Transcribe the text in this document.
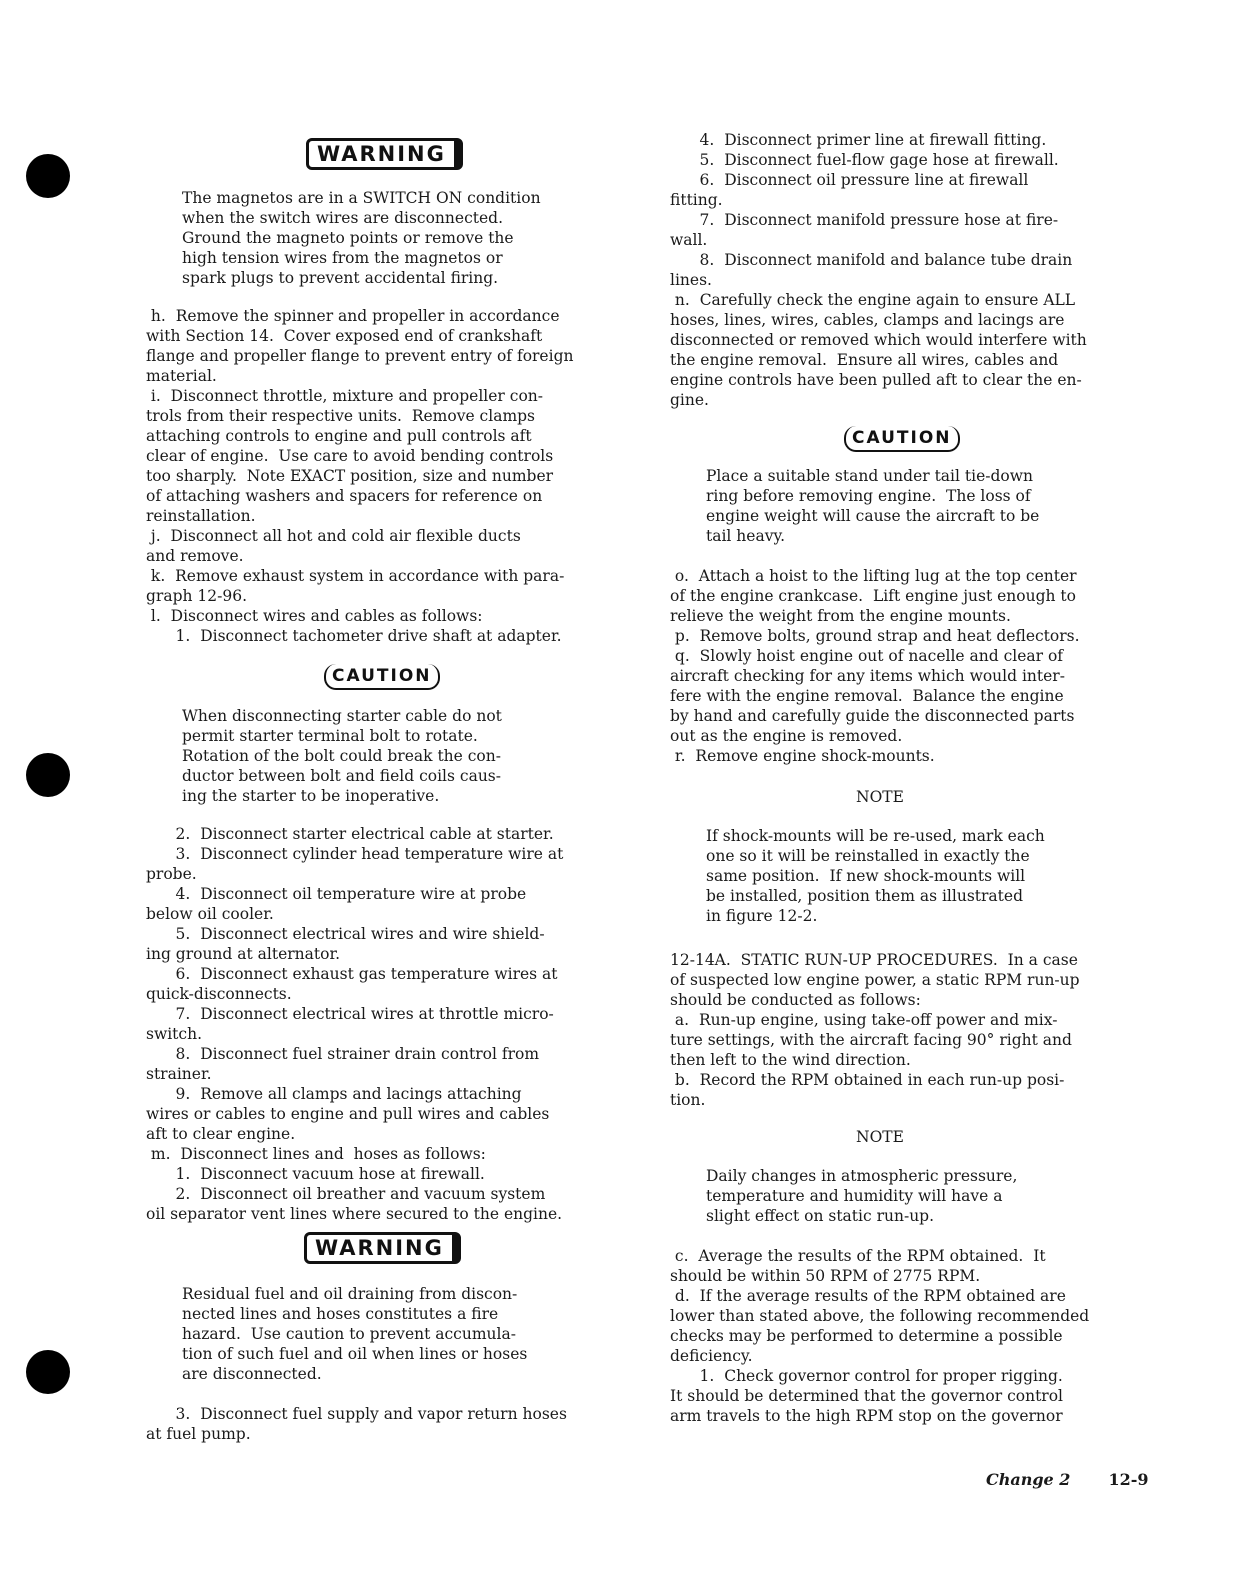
WARNING
The magnetos are in a SWITCH ON condition
when the switch wires are disconnected.
Ground the magneto points or remove the
high tension wires from the magnetos or
spark plugs to prevent accidental firing.
h.  Remove the spinner and propeller in accordance
with Section 14.  Cover exposed end of crankshaft
flange and propeller flange to prevent entry of foreign
material.
i.  Disconnect throttle, mixture and propeller con-
trols from their respective units.  Remove clamps
attaching controls to engine and pull controls aft
clear of engine.  Use care to avoid bending controls
too sharply.  Note EXACT position, size and number
of attaching washers and spacers for reference on
reinstallation.
j.  Disconnect all hot and cold air flexible ducts
and remove.
k.  Remove exhaust system in accordance with para-
graph 12-96.
l.  Disconnect wires and cables as follows:
1.  Disconnect tachometer drive shaft at adapter.
CAUTION
When disconnecting starter cable do not
permit starter terminal bolt to rotate.
Rotation of the bolt could break the con-
ductor between bolt and field coils caus-
ing the starter to be inoperative.
2.  Disconnect starter electrical cable at starter.
3.  Disconnect cylinder head temperature wire at
probe.
4.  Disconnect oil temperature wire at probe
below oil cooler.
5.  Disconnect electrical wires and wire shield-
ing ground at alternator.
6.  Disconnect exhaust gas temperature wires at
quick-disconnects.
7.  Disconnect electrical wires at throttle micro-
switch.
8.  Disconnect fuel strainer drain control from
strainer.
9.  Remove all clamps and lacings attaching
wires or cables to engine and pull wires and cables
aft to clear engine.
m.  Disconnect lines and  hoses as follows:
1.  Disconnect vacuum hose at firewall.
2.  Disconnect oil breather and vacuum system
oil separator vent lines where secured to the engine.
WARNING
Residual fuel and oil draining from discon-
nected lines and hoses constitutes a fire
hazard.  Use caution to prevent accumula-
tion of such fuel and oil when lines or hoses
are disconnected.
3.  Disconnect fuel supply and vapor return hoses
at fuel pump.
4.  Disconnect primer line at firewall fitting.
5.  Disconnect fuel-flow gage hose at firewall.
6.  Disconnect oil pressure line at firewall
fitting.
7.  Disconnect manifold pressure hose at fire-
wall.
8.  Disconnect manifold and balance tube drain
lines.
n.  Carefully check the engine again to ensure ALL
hoses, lines, wires, cables, clamps and lacings are
disconnected or removed which would interfere with
the engine removal.  Ensure all wires, cables and
engine controls have been pulled aft to clear the en-
gine.
CAUTION
Place a suitable stand under tail tie-down
ring before removing engine.  The loss of
engine weight will cause the aircraft to be
tail heavy.
o.  Attach a hoist to the lifting lug at the top center
of the engine crankcase.  Lift engine just enough to
relieve the weight from the engine mounts.
p.  Remove bolts, ground strap and heat deflectors.
q.  Slowly hoist engine out of nacelle and clear of
aircraft checking for any items which would inter-
fere with the engine removal.  Balance the engine
by hand and carefully guide the disconnected parts
out as the engine is removed.
r.  Remove engine shock-mounts.
NOTE
If shock-mounts will be re-used, mark each
one so it will be reinstalled in exactly the
same position.  If new shock-mounts will
be installed, position them as illustrated
in figure 12-2.
12-14A.  STATIC RUN-UP PROCEDURES.  In a case
of suspected low engine power, a static RPM run-up
should be conducted as follows:
a.  Run-up engine, using take-off power and mix-
ture settings, with the aircraft facing 90° right and
then left to the wind direction.
b.  Record the RPM obtained in each run-up posi-
tion.
NOTE
Daily changes in atmospheric pressure,
temperature and humidity will have a
slight effect on static run-up.
c.  Average the results of the RPM obtained.  It
should be within 50 RPM of 2775 RPM.
d.  If the average results of the RPM obtained are
lower than stated above, the following recommended
checks may be performed to determine a possible
deficiency.
1.  Check governor control for proper rigging.
It should be determined that the governor control
arm travels to the high RPM stop on the governor
Change 2 12-9
